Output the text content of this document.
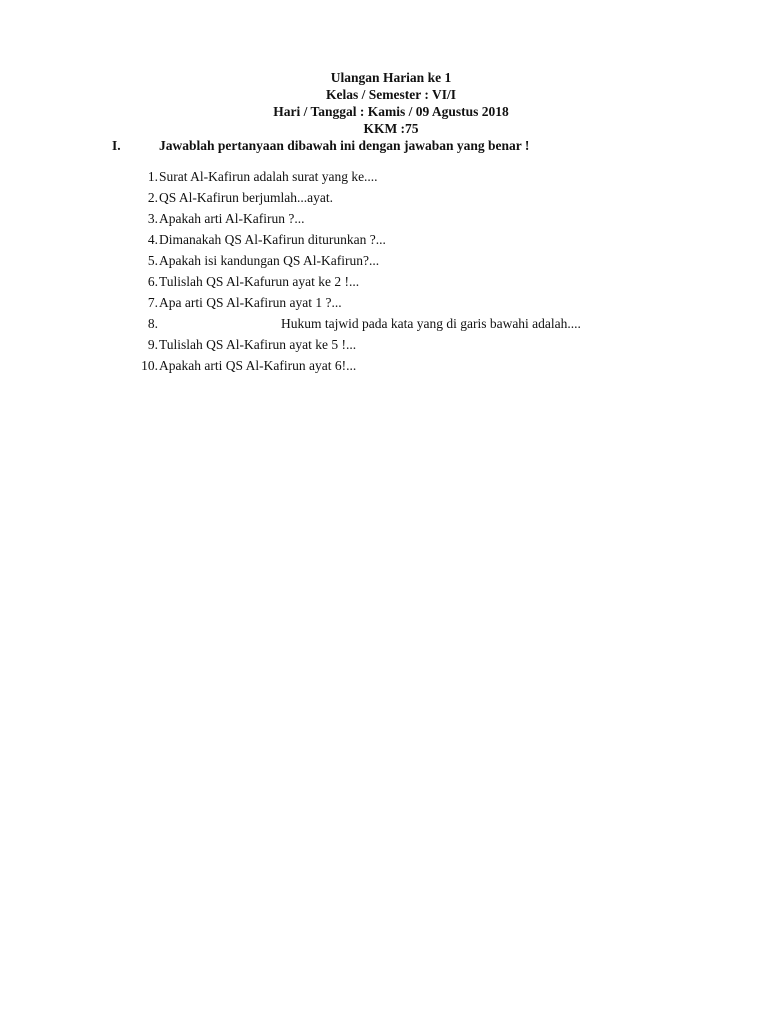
Ulangan Harian ke 1
Kelas / Semester : VI/I
Hari / Tanggal : Kamis / 09 Agustus 2018
KKM :75
I.	Jawablah pertanyaan dibawah ini dengan jawaban yang benar !
1.Surat Al-Kafirun adalah surat yang ke....
2.QS Al-Kafirun berjumlah...ayat.
3.Apakah arti Al-Kafirun ?...
4.Dimanakah QS Al-Kafirun diturunkan ?...
5.Apakah isi kandungan QS Al-Kafirun?...
6.Tulislah QS Al-Kafurun ayat ke 2 !...
7.Apa arti QS Al-Kafirun ayat 1 ?...
8.	Hukum tajwid pada kata yang di garis bawahi adalah....
9.Tulislah QS Al-Kafirun ayat ke 5 !...
10.Apakah arti QS Al-Kafirun ayat 6!...
